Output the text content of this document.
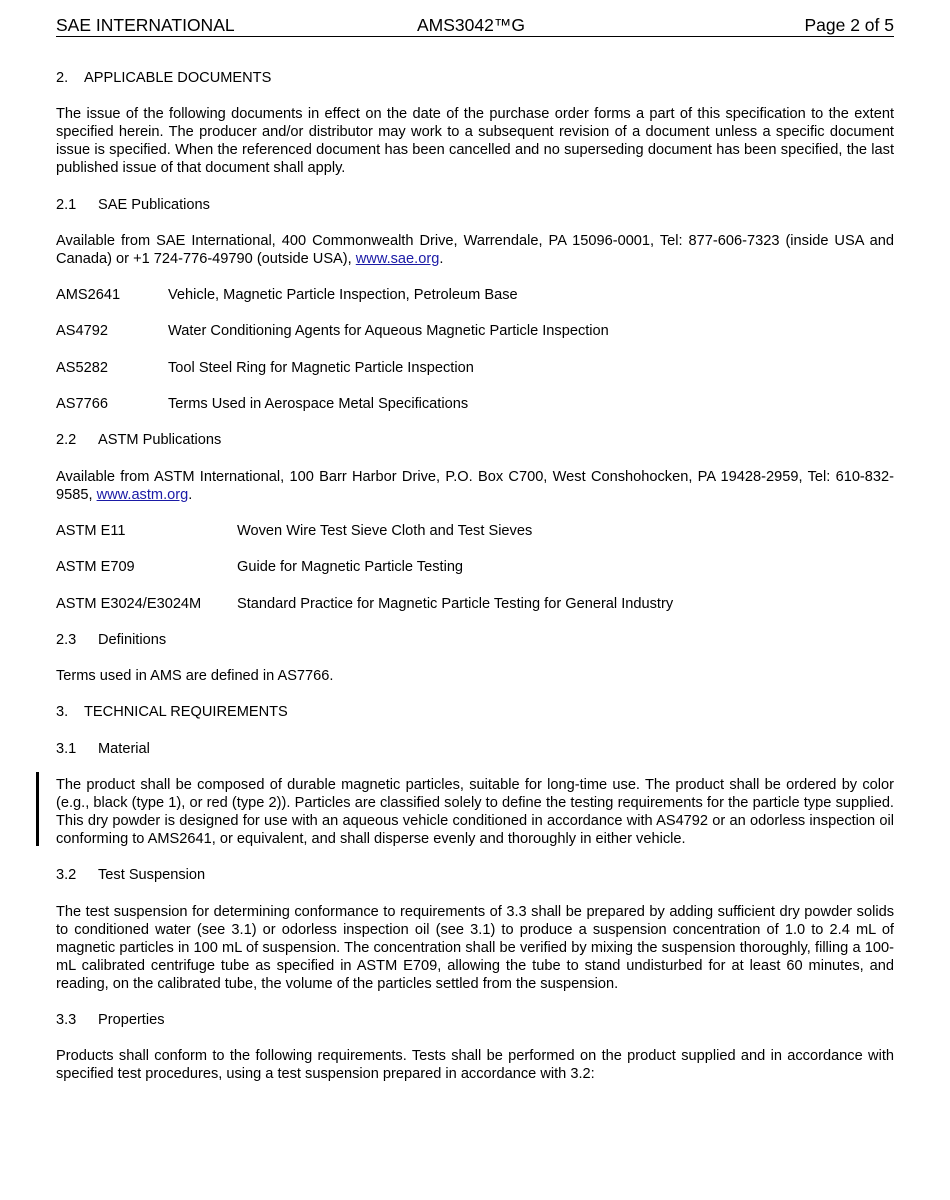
SAE INTERNATIONAL	AMS3042™G	Page 2 of 5
2. APPLICABLE DOCUMENTS
The issue of the following documents in effect on the date of the purchase order forms a part of this specification to the extent specified herein. The producer and/or distributor may work to a subsequent revision of a document unless a specific document issue is specified. When the referenced document has been cancelled and no superseding document has been specified, the last published issue of that document shall apply.
2.1 SAE Publications
Available from SAE International, 400 Commonwealth Drive, Warrendale, PA 15096-0001, Tel: 877-606-7323 (inside USA and Canada) or +1 724-776-49790 (outside USA), www.sae.org.
AMS2641	Vehicle, Magnetic Particle Inspection, Petroleum Base
AS4792	Water Conditioning Agents for Aqueous Magnetic Particle Inspection
AS5282	Tool Steel Ring for Magnetic Particle Inspection
AS7766	Terms Used in Aerospace Metal Specifications
2.2 ASTM Publications
Available from ASTM International, 100 Barr Harbor Drive, P.O. Box C700, West Conshohocken, PA 19428-2959, Tel: 610-832-9585, www.astm.org.
ASTM E11	Woven Wire Test Sieve Cloth and Test Sieves
ASTM E709	Guide for Magnetic Particle Testing
ASTM E3024/E3024M	Standard Practice for Magnetic Particle Testing for General Industry
2.3 Definitions
Terms used in AMS are defined in AS7766.
3. TECHNICAL REQUIREMENTS
3.1 Material
The product shall be composed of durable magnetic particles, suitable for long-time use. The product shall be ordered by color (e.g., black (type 1), or red (type 2)). Particles are classified solely to define the testing requirements for the particle type supplied. This dry powder is designed for use with an aqueous vehicle conditioned in accordance with AS4792 or an odorless inspection oil conforming to AMS2641, or equivalent, and shall disperse evenly and thoroughly in either vehicle.
3.2 Test Suspension
The test suspension for determining conformance to requirements of 3.3 shall be prepared by adding sufficient dry powder solids to conditioned water (see 3.1) or odorless inspection oil (see 3.1) to produce a suspension concentration of 1.0 to 2.4 mL of magnetic particles in 100 mL of suspension. The concentration shall be verified by mixing the suspension thoroughly, filling a 100-mL calibrated centrifuge tube as specified in ASTM E709, allowing the tube to stand undisturbed for at least 60 minutes, and reading, on the calibrated tube, the volume of the particles settled from the suspension.
3.3 Properties
Products shall conform to the following requirements. Tests shall be performed on the product supplied and in accordance with specified test procedures, using a test suspension prepared in accordance with 3.2:
